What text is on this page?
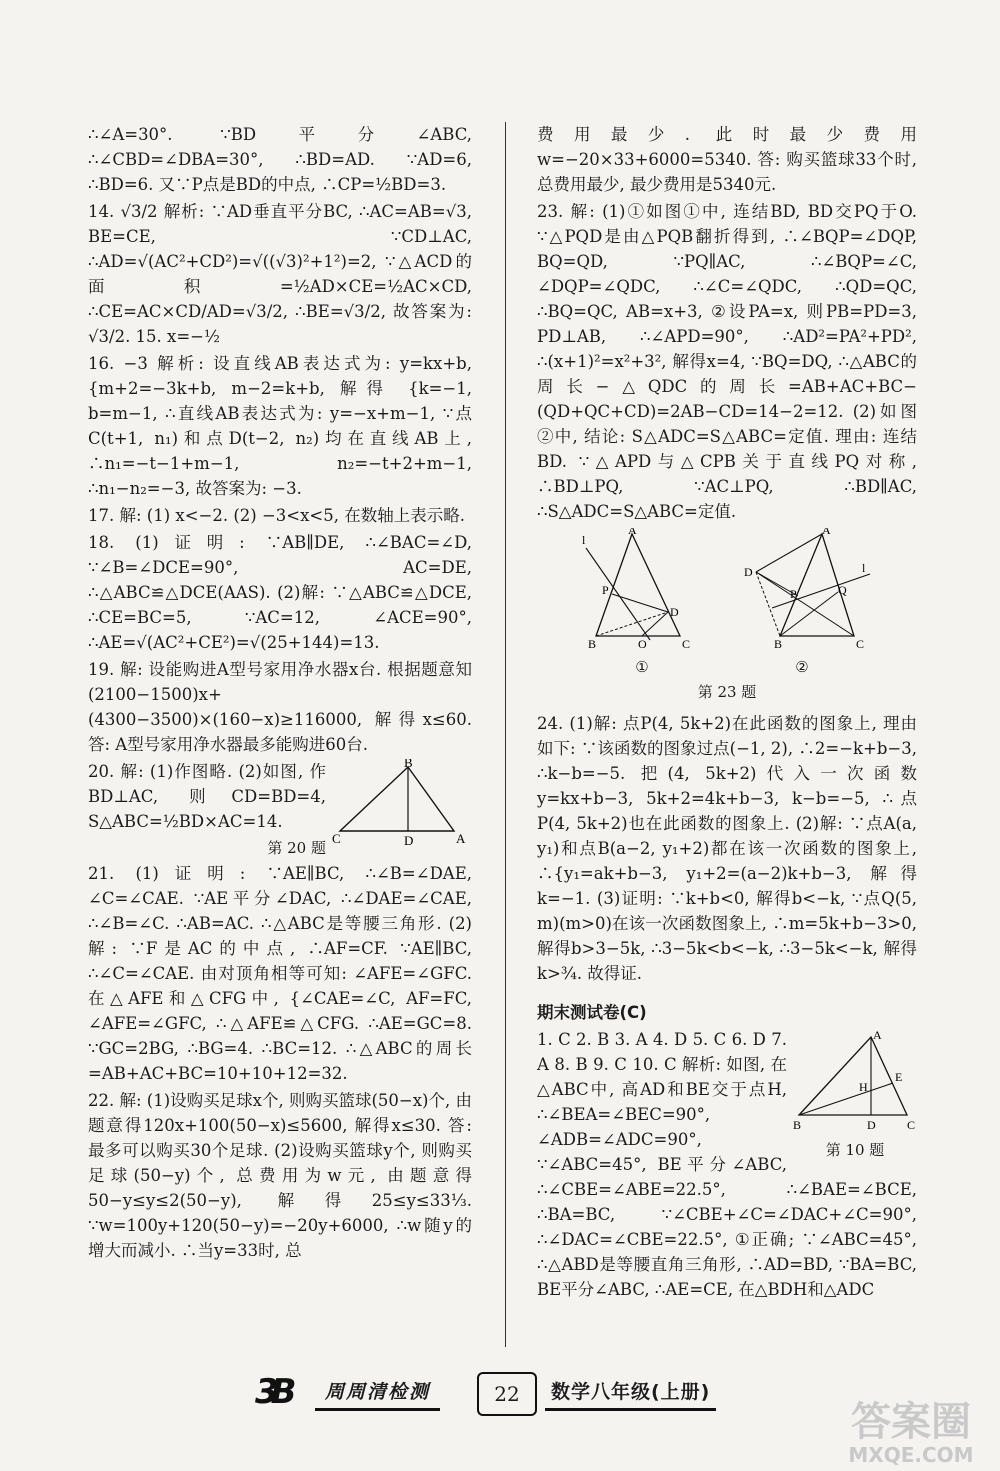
∴∠A=30°. ∵BD平分∠ABC, ∴∠CBD=∠DBA=30°, ∴BD=AD. ∵AD=6, ∴BD=6. 又∵P点是BD的中点, ∴CP=½BD=3.

14. √3/2 解析: ∵AD垂直平分BC, ∴AC=AB=√3, BE=CE, ∵CD⊥AC, ∴AD=√(AC²+CD²)=√((√3)²+1²)=2, ∵△ACD的面积=½AD×CE=½AC×CD, ∴CE=AC×CD/AD=√3/2, ∴BE=√3/2, 故答案为: √3/2. 15. x=−½

16. −3 解析: 设直线AB表达式为: y=kx+b, {m+2=−3k+b, m−2=k+b, 解得 {k=−1, b=m−1, ∴直线AB表达式为: y=−x+m−1, ∵点C(t+1, n₁)和点D(t−2, n₂)均在直线AB上, ∴n₁=−t−1+m−1, n₂=−t+2+m−1, ∴n₁−n₂=−3, 故答案为: −3.

17. 解: (1) x<−2. (2) −3<x<5, 在数轴上表示略.

18. (1)证明: ∵AB∥DE, ∴∠BAC=∠D, ∵∠B=∠DCE=90°, AC=DE, ∴△ABC≌△DCE(AAS). (2)解: ∵△ABC≌△DCE, ∴CE=BC=5, ∵AC=12, ∠ACE=90°, ∴AE=√(AC²+CE²)=√(25+144)=13.

19. 解: 设能购进A型号家用净水器x台. 根据题意知(2100−1500)x+(4300−3500)×(160−x)≥116000, 解得x≤60. 答: A型号家用净水器最多能购进60台.

C
B
D	A

20. 解: (1)作图略. (2)如图, 作BD⊥AC, 则CD=BD=4, S△ABC=½BD×AC=14.

第 20 题

21. (1)证明: ∵AE∥BC, ∴∠B=∠DAE, ∠C=∠CAE. ∵AE平分∠DAC, ∴∠DAE=∠CAE, ∴∠B=∠C. ∴AB=AC. ∴△ABC是等腰三角形. (2)解: ∵F是AC的中点, ∴AF=CF. ∵AE∥BC, ∴∠C=∠CAE. 由对顶角相等可知: ∠AFE=∠GFC. 在△AFE和△CFG中, {∠CAE=∠C, AF=FC, ∠AFE=∠GFC, ∴△AFE≌△CFG. ∴AE=GC=8. ∵GC=2BG, ∴BG=4. ∴BC=12. ∴△ABC的周长=AB+AC+BC=10+10+12=32.

22. 解: (1)设购买足球x个, 则购买篮球(50−x)个, 由题意得120x+100(50−x)≤5600, 解得x≤30. 答: 最多可以购买30个足球. (2)设购买篮球y个, 则购买足球(50−y)个, 总费用为w元, 由题意得50−y≤y≤2(50−y), 解得25≤y≤33⅓. ∵w=100y+120(50−y)=−20y+6000, ∴w随y的增大而减小. ∴当y=33时, 总

费用最少. 此时最少费用w=−20×33+6000=5340. 答: 购买篮球33个时, 总费用最少, 最少费用是5340元.

23. 解: (1)①如图①中, 连结BD, BD交PQ于O. ∵△PQD是由△PQB翻折得到, ∴∠BQP=∠DQP, BQ=QD, ∵PQ∥AC, ∴∠BQP=∠C, ∠DQP=∠QDC, ∴∠C=∠QDC, ∴QD=QC, ∴BQ=QC, AB=x+3, ②设PA=x, 则PB=PD=3, PD⊥AB, ∴∠APD=90°, ∴AD²=PA²+PD², ∴(x+1)²=x²+3², 解得x=4, ∵BQ=DQ, ∴△ABC的周长−△QDC的周长=AB+AC+BC−(QD+QC+CD)=2AB−CD=14−2=12. (2)如图②中, 结论: S△ADC=S△ABC=定值. 理由: 连结BD. ∵△APD与△CPB关于直线PQ对称, ∴BD⊥PQ, ∵AC⊥PQ, ∴BD∥AC, ∴S△ADC=S△ABC=定值.

A
l
P
D
B	Q	C
①
A
D
P	Q
l
B	C
②
第 23 题

24. (1)解: 点P(4, 5k+2)在此函数的图象上, 理由如下: ∵该函数的图象过点(−1, 2), ∴2=−k+b−3, ∴k−b=−5. 把(4, 5k+2)代入一次函数y=kx+b−3, 5k+2=4k+b−3, k−b=−5, ∴点P(4, 5k+2)也在此函数的图象上. (2)解: ∵点A(a, y₁)和点B(a−2, y₁+2)都在该一次函数的图象上, ∴{y₁=ak+b−3, y₁+2=(a−2)k+b−3, 解得k=−1. (3)证明: ∵k+b<0, 解得b<−k, ∵点Q(5, m)(m>0)在该一次函数图象上, ∴m=5k+b−3>0, 解得b>3−5k, ∴3−5k<b<−k, ∴3−5k<−k, 解得k>¾. 故得证.

期末测试卷(C)

A
B	D	C
H
E
第 10 题

1. C 2. B 3. A 4. D 5. C 6. D 7. A 8. B 9. C 10. C 解析: 如图, 在△ABC中, 高AD和BE交于点H, ∴∠BEA=∠BEC=90°, ∠ADB=∠ADC=90°, ∵∠ABC=45°, BE平分∠ABC, ∴∠CBE=∠ABE=22.5°, ∴∠BAE=∠BCE, ∴BA=BC, ∵∠CBE+∠C=∠DAC+∠C=90°, ∴∠DAC=∠CBE=22.5°, ①正确; ∵∠ABC=45°, ∴△ABD是等腰直角三角形, ∴AD=BD, ∵BA=BC, BE平分∠ABC, ∴AE=CE, 在△BDH和△ADC

3B	周周清检测	22	数学八年级(上册)
答案圈
MXQE.COM
